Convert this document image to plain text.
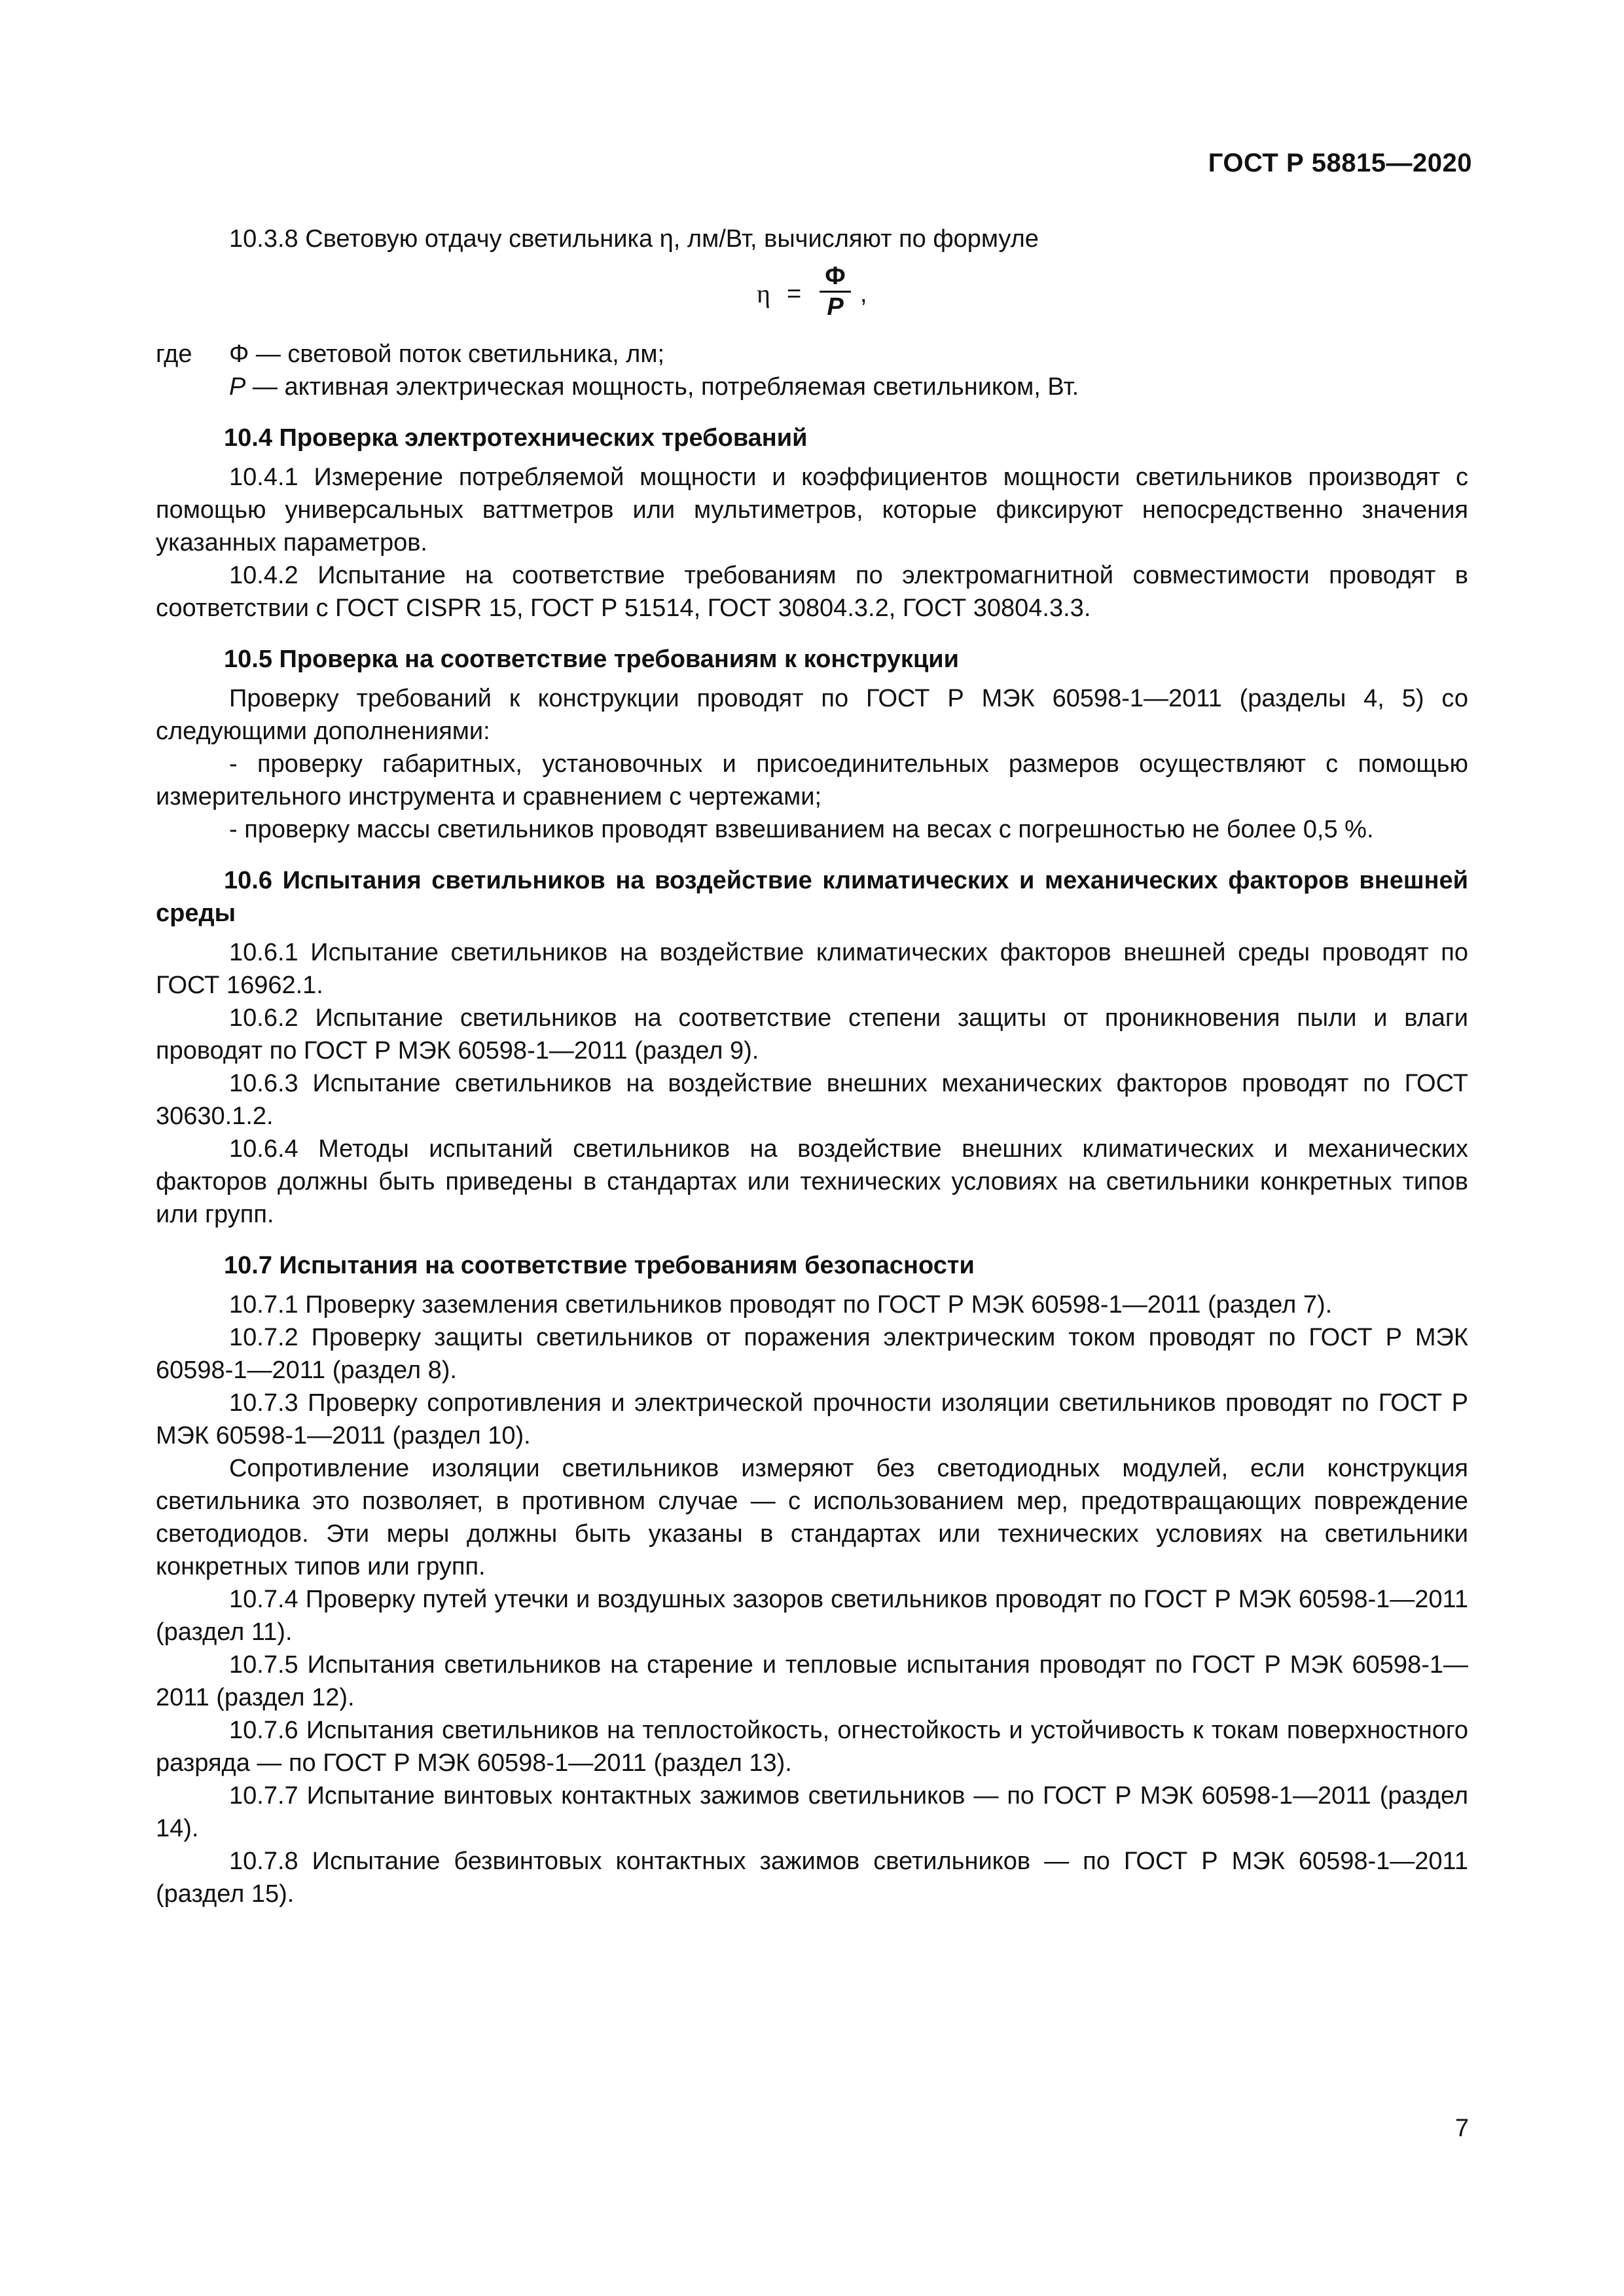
ГОСТ Р 58815—2020

10.3.8 Световую отдачу светильника η, лм/Вт, вычисляют по формуле

η =
Φ
P ,
где	Φ — световой поток светильника, лм;

P — активная электрическая мощность, потребляемая светильником, Вт.

10.4 Проверка электротехнических требований

10.4.1 Измерение потребляемой мощности и коэффициентов мощности светильников производят с помощью универсальных ваттметров или мультиметров, которые фиксируют непосредственно значения указанных параметров.

10.4.2 Испытание на соответствие требованиям по электромагнитной совместимости проводят в соответствии с ГОСТ CISPR 15, ГОСТ Р 51514, ГОСТ 30804.3.2, ГОСТ 30804.3.3.

10.5 Проверка на соответствие требованиям к конструкции

Проверку требований к конструкции проводят по ГОСТ Р МЭК 60598-1—2011 (разделы 4, 5) со следующими дополнениями:

- проверку габаритных, установочных и присоединительных размеров осуществляют с помощью измерительного инструмента и сравнением с чертежами;

- проверку массы светильников проводят взвешиванием на весах с погрешностью не более 0,5 %.

10.6 Испытания светильников на воздействие климатических и механических факторов внешней среды

10.6.1 Испытание светильников на воздействие климатических факторов внешней среды проводят по ГОСТ 16962.1.

10.6.2 Испытание светильников на соответствие степени защиты от проникновения пыли и влаги проводят по ГОСТ Р МЭК 60598-1—2011 (раздел 9).

10.6.3 Испытание светильников на воздействие внешних механических факторов проводят по ГОСТ 30630.1.2.

10.6.4 Методы испытаний светильников на воздействие внешних климатических и механических факторов должны быть приведены в стандартах или технических условиях на светильники конкретных типов или групп.

10.7 Испытания на соответствие требованиям безопасности

10.7.1 Проверку заземления светильников проводят по ГОСТ Р МЭК 60598-1—2011 (раздел 7).

10.7.2 Проверку защиты светильников от поражения электрическим током проводят по ГОСТ Р МЭК 60598-1—2011 (раздел 8).

10.7.3 Проверку сопротивления и электрической прочности изоляции светильников проводят по ГОСТ Р МЭК 60598-1—2011 (раздел 10).

Сопротивление изоляции светильников измеряют без светодиодных модулей, если конструкция светильника это позволяет, в противном случае — с использованием мер, предотвращающих повреждение светодиодов. Эти меры должны быть указаны в стандартах или технических условиях на светильники конкретных типов или групп.

10.7.4 Проверку путей утечки и воздушных зазоров светильников проводят по ГОСТ Р МЭК 60598-1—2011 (раздел 11).

10.7.5 Испытания светильников на старение и тепловые испытания проводят по ГОСТ Р МЭК 60598-1—2011 (раздел 12).

10.7.6 Испытания светильников на теплостойкость, огнестойкость и устойчивость к токам поверхностного разряда — по ГОСТ Р МЭК 60598-1—2011 (раздел 13).

10.7.7 Испытание винтовых контактных зажимов светильников — по ГОСТ Р МЭК 60598-1—2011 (раздел 14).

10.7.8 Испытание безвинтовых контактных зажимов светильников — по ГОСТ Р МЭК 60598-1—2011 (раздел 15).

7
